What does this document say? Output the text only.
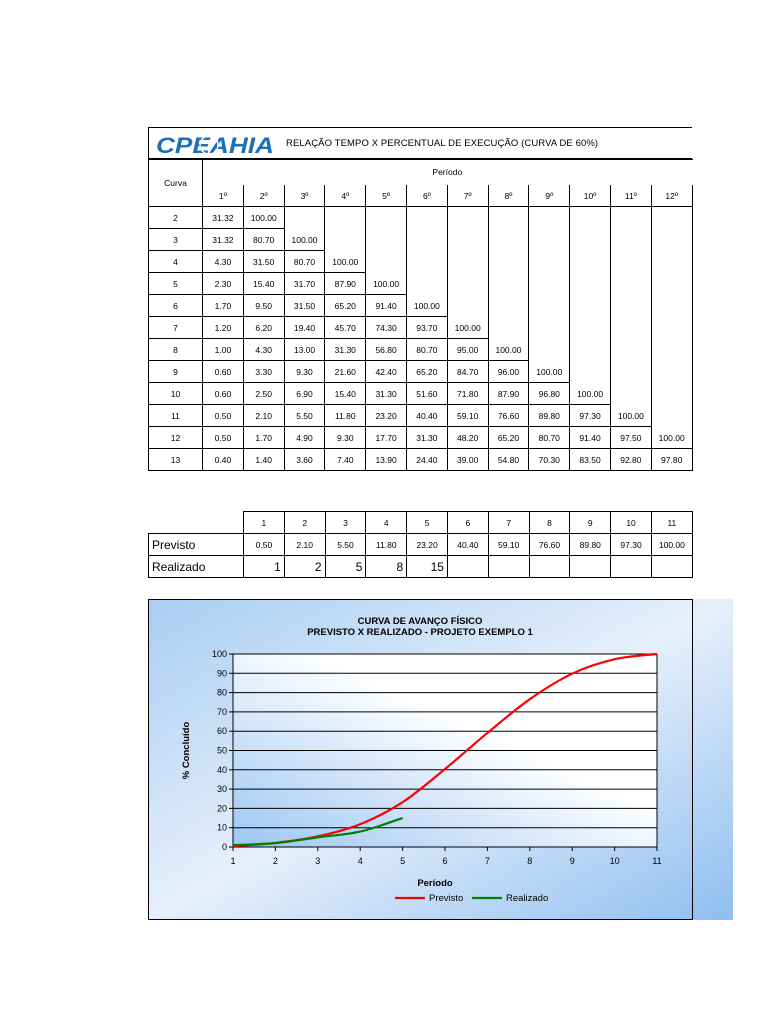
CPEAHIA RELAÇÃO TEMPO X PERCENTUAL DE EXECUÇÃO (CURVA DE 60%)
Curva	Período											
	1º	2º	3º	4º	5º	6º	7º	8º	9º	10º	11º	12º
2	31.32	100.00										
3	31.32	80.70	100.00									
4	4.30	31.50	80.70	100.00								
5	2.30	15.40	31.70	87.90	100.00							
6	1.70	9.50	31.50	65.20	91.40	100.00						
7	1.20	6.20	19.40	45.70	74.30	93.70	100.00					
8	1.00	4.30	13.00	31.30	56.80	80.70	95.00	100.00				
9	0.60	3.30	9.30	21.60	42.40	65.20	84.70	96.00	100.00			
10	0.60	2.50	6.90	15.40	31.30	51.60	71.80	87.90	96.80	100.00		
11	0.50	2.10	5.50	11.80	23.20	40.40	59.10	76.60	89.80	97.30	100.00	
12	0.50	1.70	4.90	9.30	17.70	31.30	48.20	65.20	80.70	91.40	97.50	100.00
13	0.40	1.40	3.60	7.40	13.90	24.40	39.00	54.80	70.30	83.50	92.80	97.80
	1	2	3	4	5	6	7	8	9	10	11
Previsto	0.50	2.10	5.50	11.80	23.20	40.40	59.10	76.60	89.80	97.30	100.00
Realizado	1	2	5	8	15						
CURVA DE AVANÇO FÍSICO
PREVISTO X REALIZADO - PROJETO EXEMPLO 1
0
10
20
30
40
50
60
70
80
90
100
1	2	3	4	5	6	7	8	9	10	11
% Concluído
Período
Previsto	Realizado
